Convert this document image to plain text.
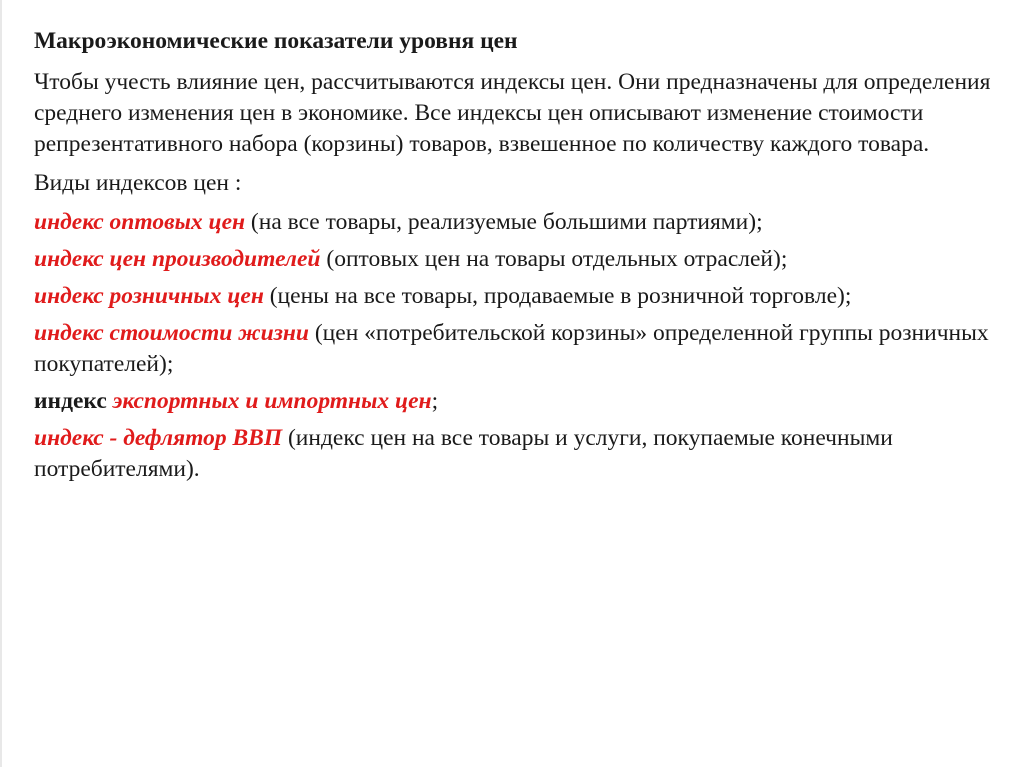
Макроэкономические показатели уровня цен

Чтобы учесть влияние цен, рассчитываются индексы цен. Они предназначены для определения среднего изменения цен в экономике. Все индексы цен описывают изменение стоимости репрезентативного набора (корзины) товаров, взвешенное по количеству каждого товара.

Виды индексов цен :

индекс оптовых цен (на все товары, реализуемые большими партиями);

индекс цен производителей (оптовых цен на товары отдельных отраслей);

индекс розничных цен (цены на все товары, продаваемые в розничной торговле);

индекс стоимости жизни (цен «потребительской корзины» определенной группы розничных покупателей);

индекс экспортных и импортных цен;

индекс - дефлятор ВВП (индекс цен на все товары и услуги, покупаемые конечными потребителями).
